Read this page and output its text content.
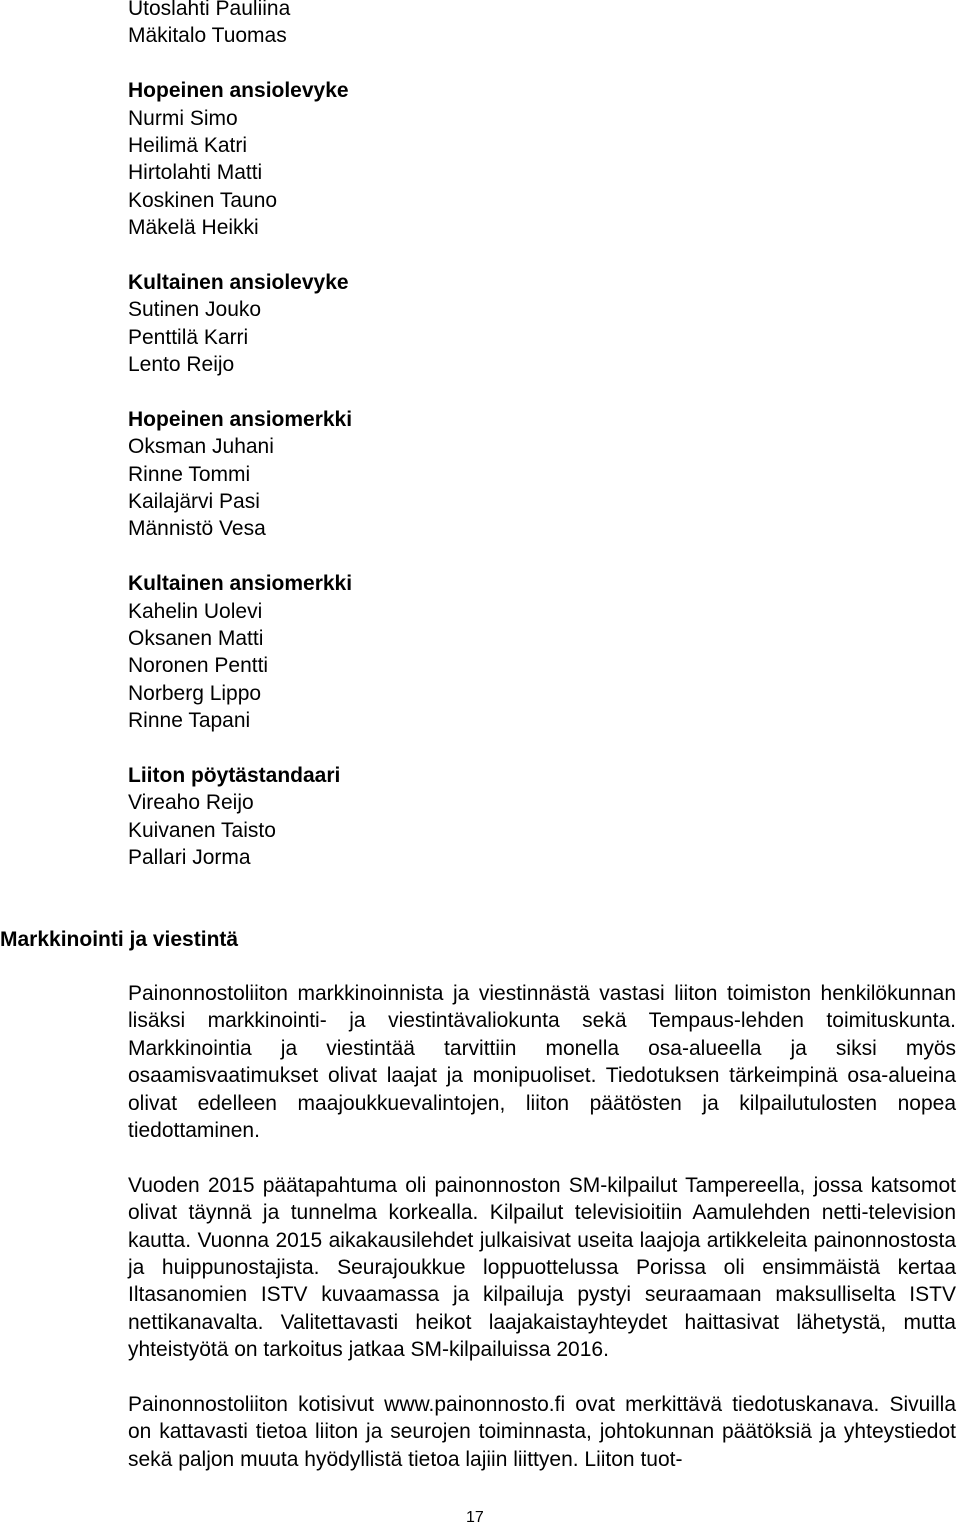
Utoslahti Pauliina
Mäkitalo Tuomas
Hopeinen ansiolevyke
Nurmi Simo
Heilimä Katri
Hirtolahti Matti
Koskinen Tauno
Mäkelä Heikki
Kultainen ansiolevyke
Sutinen Jouko
Penttilä Karri
Lento Reijo
Hopeinen ansiomerkki
Oksman Juhani
Rinne Tommi
Kailajärvi Pasi
Männistö Vesa
Kultainen ansiomerkki
Kahelin Uolevi
Oksanen Matti
Noronen Pentti
Norberg Lippo
Rinne Tapani
Liiton pöytästandaari
Vireaho Reijo
Kuivanen Taisto
Pallari Jorma
Markkinointi ja viestintä

Painonnostoliiton markkinoinnista ja viestinnästä vastasi liiton toimiston henkilökunnan lisäksi markkinointi- ja viestintävaliokunta sekä Tempaus-lehden toimituskunta. Markkinointia ja viestintää tarvittiin monella osa-alueella ja siksi myös osaamisvaatimukset olivat laajat ja monipuoliset. Tiedotuksen tärkeimpinä osa-alueina olivat edelleen maajoukkuevalintojen, liiton päätösten ja kilpailutulosten nopea tiedottaminen.

Vuoden 2015 päätapahtuma oli painonnoston SM-kilpailut Tampereella, jossa katsomot olivat täynnä ja tunnelma korkealla. Kilpailut televisioitiin Aamulehden netti-television kautta. Vuonna 2015 aikakausilehdet julkaisivat useita laajoja artikkeleita painonnostosta ja huippunostajista. Seurajoukkue loppuottelussa Porissa oli ensimmäistä kertaa Iltasanomien ISTV kuvaamassa ja kilpailuja pystyi seuraamaan maksulliselta ISTV nettikanavalta. Valitettavasti heikot laajakaistayhteydet haittasivat lähetystä, mutta yhteistyötä on tarkoitus jatkaa SM-kilpailuissa 2016.

Painonnostoliiton kotisivut www.painonnosto.fi ovat merkittävä tiedotuskanava. Sivuilla on kattavasti tietoa liiton ja seurojen toiminnasta, johtokunnan päätöksiä ja yhteystiedot sekä paljon muuta hyödyllistä tietoa lajiin liittyen. Liiton tuot-

17
